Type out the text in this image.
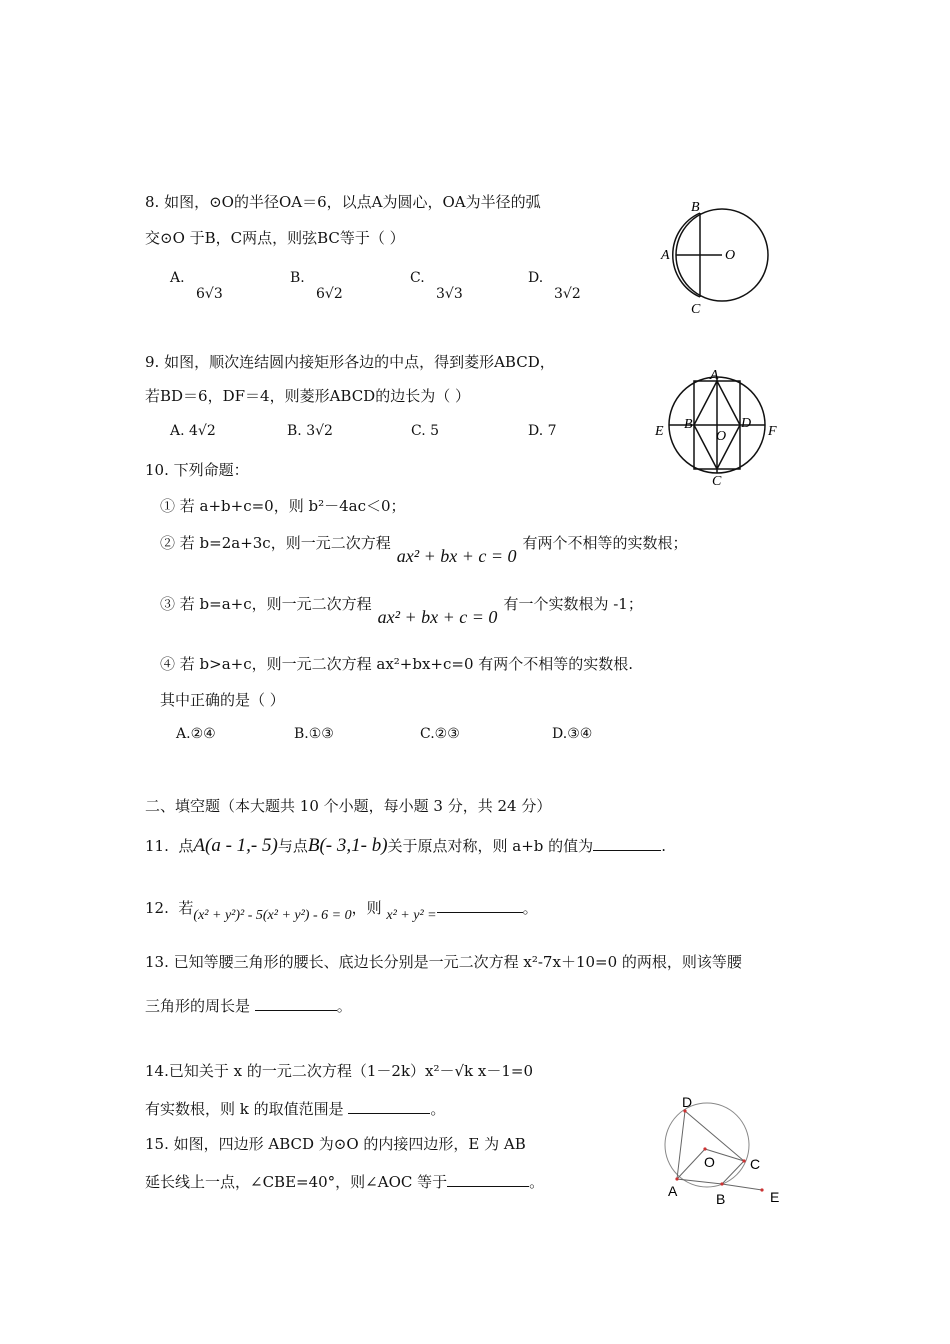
8. 如图，⊙O的半径OA＝6，以点A为圆心，OA为半径的弧
交⊙O 于B，C两点，则弦BC等于（ ）
A.
6√3
B.
6√2
C.
3√3
D.
3√2
B
A	O
C
9. 如图，顺次连结圆内接矩形各边的中点，得到菱形ABCD，
若BD＝6，DF＝4，则菱形ABCD的边长为（ ）
A. 4√2	B. 3√2	C. 5	D. 7
A
E B
O
D
F
C
10. 下列命题：
① 若 a+b+c=0，则 b²－4ac＜0；
② 若 b=2a+3c，则一元二次方程ax² + bx + c = 0有两个不相等的实数根；
③ 若 b=a+c，则一元二次方程ax² + bx + c = 0有一个实数根为 -1；
④ 若 b>a+c，则一元二次方程 ax²+bx+c=0 有两个不相等的实数根.
其中正确的是（ ）
A.②④	B.①③	C.②③	D.③④
二、填空题（本大题共 10 个小题，每小题 3 分，共 24 分）
11. 点A(a - 1,- 5)与点B(- 3,1- b)关于原点对称，则 a+b 的值为	.
12. 若(x² + y²)² - 5(x² + y²) - 6 = 0，则 x² + y² =	。
13. 已知等腰三角形的腰长、底边长分别是一元二次方程 x²-7x＋10=0 的两根，则该等腰
三角形的周长是	。
14.已知关于 x 的一元二次方程（1－2k）x²－√k x－1=0
有实数根，则 k 的取值范围是	。
15. 如图，四边形 ABCD 为⊙O 的内接四边形，E 为 AB
延长线上一点，∠CBE=40°，则∠AOC 等于	。
D
O	C
A	B	E
